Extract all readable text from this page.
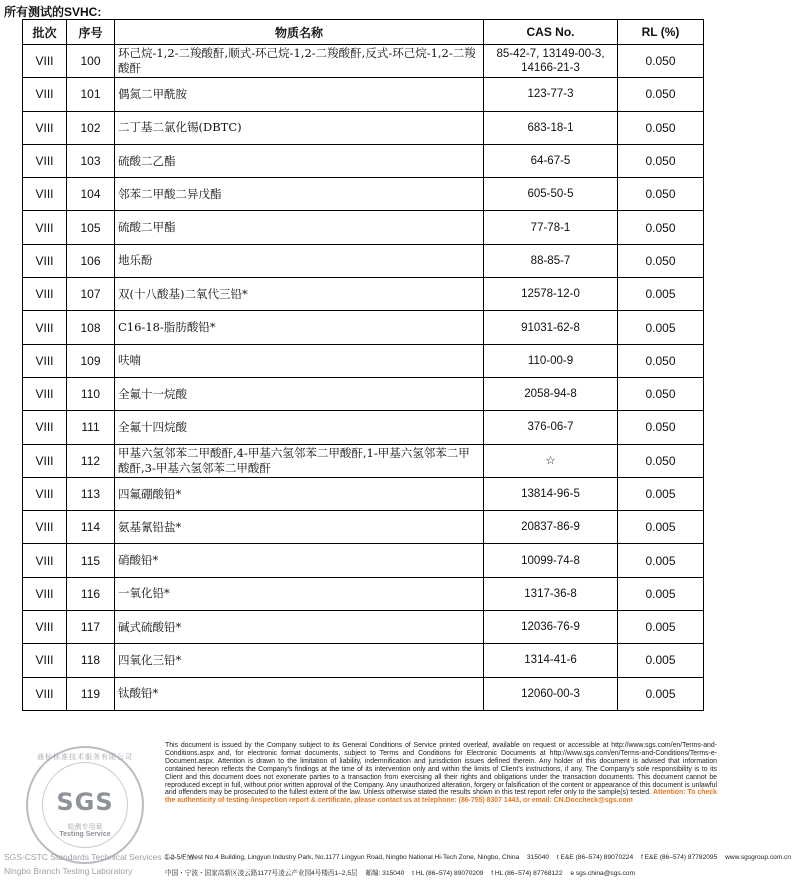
所有测试的SVHC:
批次	序号	物质名称	CAS No.	RL (%)
VIII	100	环己烷-1,2-二羧酸酐,顺式-环己烷-1,2-二羧酸酐,反式-环己烷-1,2-二羧酸酐	85-42-7, 13149-00-3, 14166-21-3	0.050
VIII	101	偶氮二甲酰胺	123-77-3	0.050
VIII	102	二丁基二氯化锡(DBTC)	683-18-1	0.050
VIII	103	硫酸二乙酯	64-67-5	0.050
VIII	104	邻苯二甲酸二异戊酯	605-50-5	0.050
VIII	105	硫酸二甲酯	77-78-1	0.050
VIII	106	地乐酚	88-85-7	0.050
VIII	107	双(十八酸基)二氧代三铅*	12578-12-0	0.005
VIII	108	C16-18-脂肪酸铅*	91031-62-8	0.005
VIII	109	呋喃	110-00-9	0.050
VIII	110	全氟十一烷酸	2058-94-8	0.050
VIII	111	全氟十四烷酸	376-06-7	0.050
VIII	112	甲基六氢邻苯二甲酸酐,4-甲基六氢邻苯二甲酸酐,1-甲基六氢邻苯二甲酸酐,3-甲基六氢邻苯二甲酸酐	☆	0.050
VIII	113	四氟硼酸铅*	13814-96-5	0.005
VIII	114	氨基氰铅盐*	20837-86-9	0.005
VIII	115	硝酸铅*	10099-74-8	0.005
VIII	116	一氧化铅*	1317-36-8	0.005
VIII	117	碱式硫酸铅*	12036-76-9	0.005
VIII	118	四氧化三铅*	1314-41-6	0.005
VIII	119	钛酸铅*	12060-00-3	0.005
通标标准技术服务有限公司
SGS
检测专用章
Testing Service
SGS-CSTC Standards Technical Services Co., Ltd.
Ningbo Branch Testing Laboratory
This document is issued by the Company subject to its General Conditions of Service printed overleaf, available on request or accessible at http://www.sgs.com/en/Terms-and-Conditions.aspx and, for electronic format documents, subject to Terms and Conditions for Electronic Documents at http://www.sgs.com/en/Terms-and-Conditions/Terms-e-Document.aspx. Attention is drawn to the limitation of liability, indemnification and jurisdiction issues defined therein. Any holder of this document is advised that information contained hereon reflects the Company's findings at the time of its intervention only and within the limits of Client's instructions, if any. The Company's sole responsibility is to its Client and this document does not exonerate parties to a transaction from exercising all their rights and obligations under the transaction documents. This document cannot be reproduced except in full, without prior written approval of the Company. Any unauthorized alteration, forgery or falsification of the content or appearance of this document is unlawful and offenders may be prosecuted to the fullest extent of the law. Unless otherwise stated the results shown in this test report refer only to the sample(s) tested. Attention: To check the authenticity of testing /inspection report & certificate, please contact us at telephone: (86-755) 8307 1443, or email: CN.Doccheck@sgs.com
1-2-5/F West No.4 Building, Lingyun Industry Park, No.1177 Lingyun Road, Ningbo National Hi-Tech Zone, Ningbo, China 315040 t E&E (86–574) 89070224 f E&E (86–574) 87782095 www.sgsgroup.com.cn
中国・宁波・国家高新区凌云路1177号凌云产业园4号楼西1–2,5层 邮编: 315040 t HL (86–574) 89070209 f HL (86–574) 87768122 e sgs.china@sgs.com
